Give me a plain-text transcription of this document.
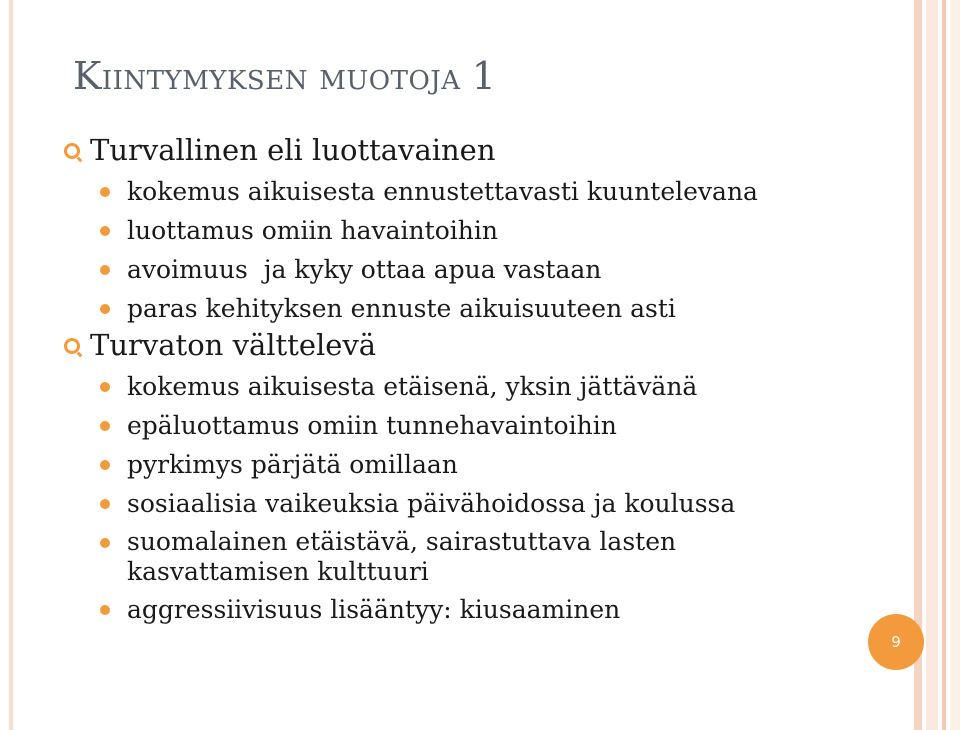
KIINTYMYKSEN MUOTOJA 1
Turvallinen eli luottavainen
kokemus aikuisesta ennustettavasti kuuntelevana
luottamus omiin havaintoihin
avoimuus  ja kyky ottaa apua vastaan
paras kehityksen ennuste aikuisuuteen asti
Turvaton välttelevä
kokemus aikuisesta etäisenä, yksin jättävänä
epäluottamus omiin tunnehavaintoihin
pyrkimys pärjätä omillaan
sosiaalisia vaikeuksia päivähoidossa ja koulussa
suomalainen etäistävä, sairastuttava lasten kasvattamisen kulttuuri
aggressiivisuus lisääntyy: kiusaaminen
9
